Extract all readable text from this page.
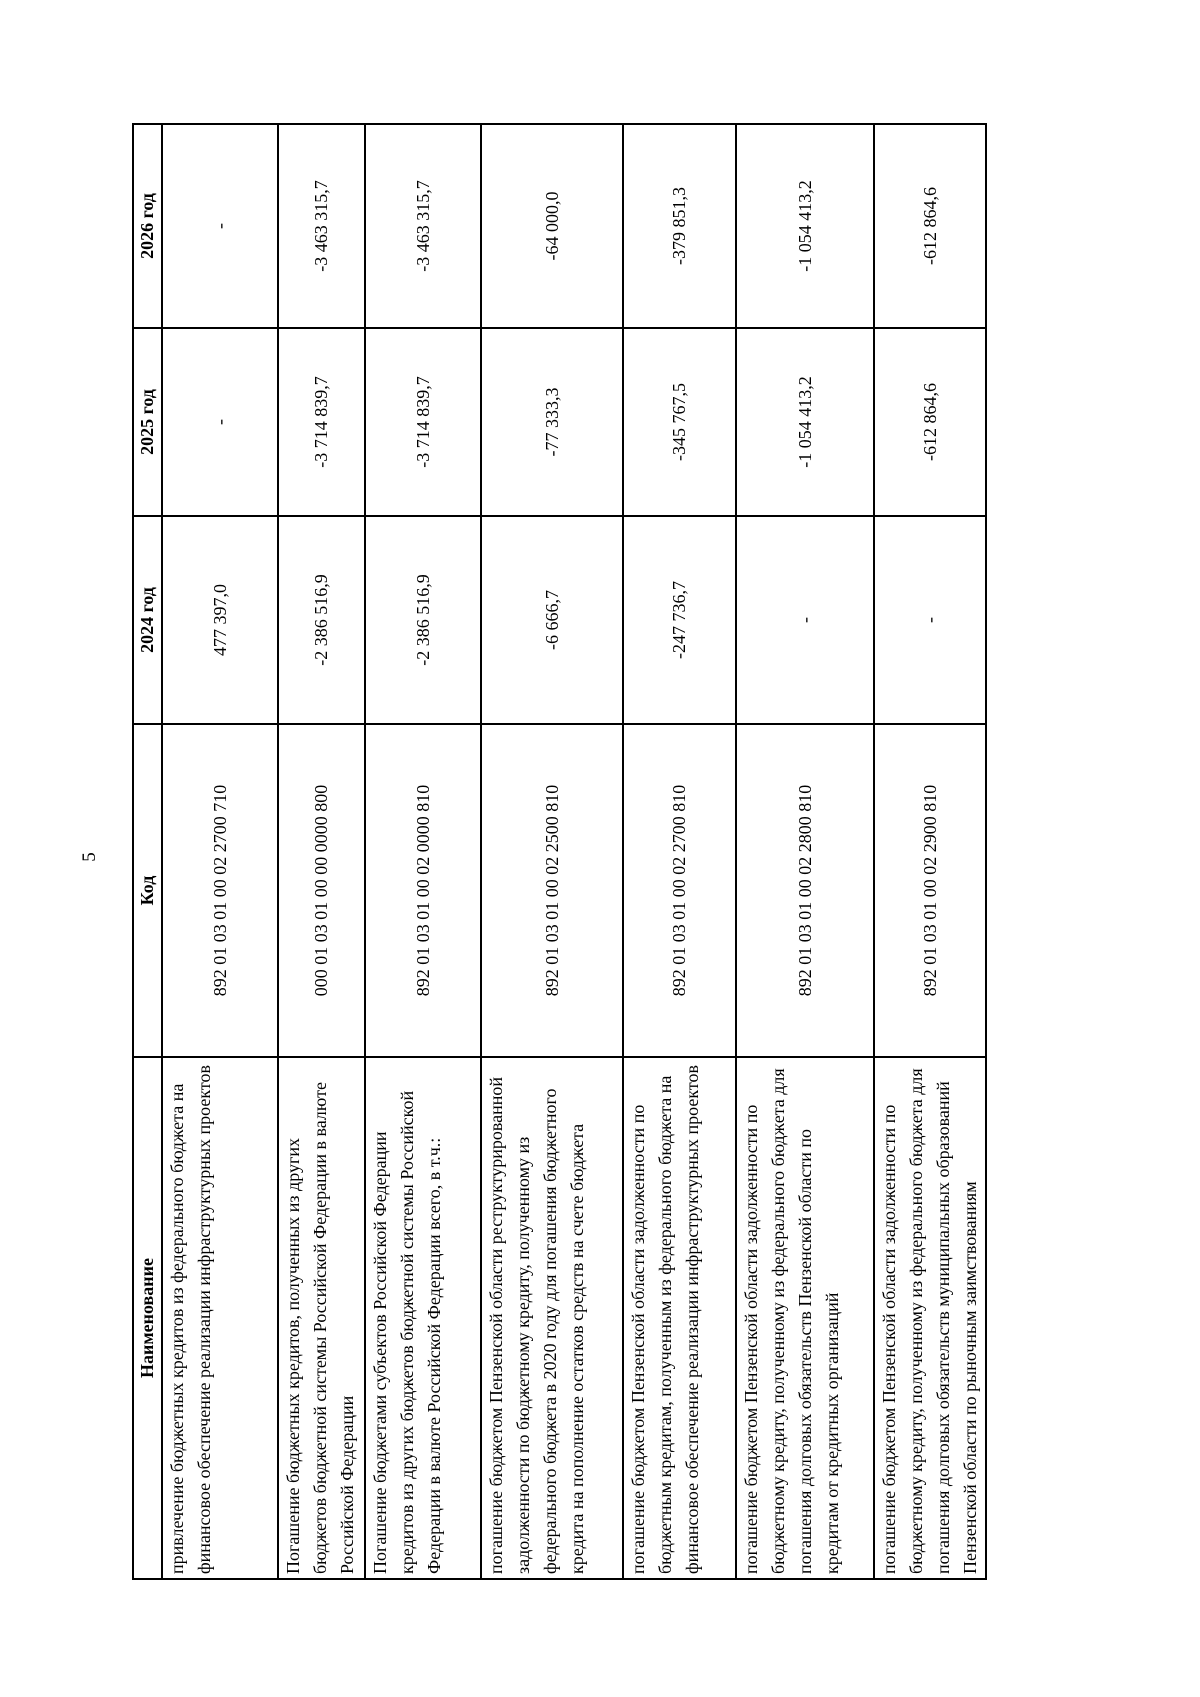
5
Наименование	Код	2024 год	2025 год	2026 год
привлечение бюджетных кредитов из федерального бюджета на финансовое обеспечение реализации инфраструктурных проектов	892 01 03 01 00 02 2700 710	477 397,0	-	-
Погашение бюджетных кредитов, полученных из других бюджетов бюджетной системы Российской Федерации в валюте Российской Федерации	000 01 03 01 00 00 0000 800	-2 386 516,9	-3 714 839,7	-3 463 315,7
Погашение бюджетами субъектов Российской Федерации кредитов из других бюджетов бюджетной системы Российской Федерации в валюте Российской Федерации всего, в т.ч.:	892 01 03 01 00 02 0000 810	-2 386 516,9	-3 714 839,7	-3 463 315,7
погашение бюджетом Пензенской области реструктурированной задолженности по бюджетному кредиту, полученному из федерального бюджета в 2020 году для погашения бюджетного кредита на пополнение остатков средств на счете бюджета	892 01 03 01 00 02 2500 810	-6 666,7	-77 333,3	-64 000,0
погашение бюджетом Пензенской области задолженности по бюджетным кредитам, полученным из федерального бюджета на финансовое обеспечение реализации инфраструктурных проектов	892 01 03 01 00 02 2700 810	-247 736,7	-345 767,5	-379 851,3
погашение бюджетом Пензенской области задолженности по бюджетному кредиту, полученному из федерального бюджета для погашения долговых обязательств Пензенской области по кредитам от кредитных организаций	892 01 03 01 00 02 2800 810	-	-1 054 413,2	-1 054 413,2
погашение бюджетом Пензенской области задолженности по бюджетному кредиту, полученному из федерального бюджета для погашения долговых обязательств муниципальных образований Пензенской области по рыночным заимствованиям	892 01 03 01 00 02 2900 810	-	-612 864,6	-612 864,6
